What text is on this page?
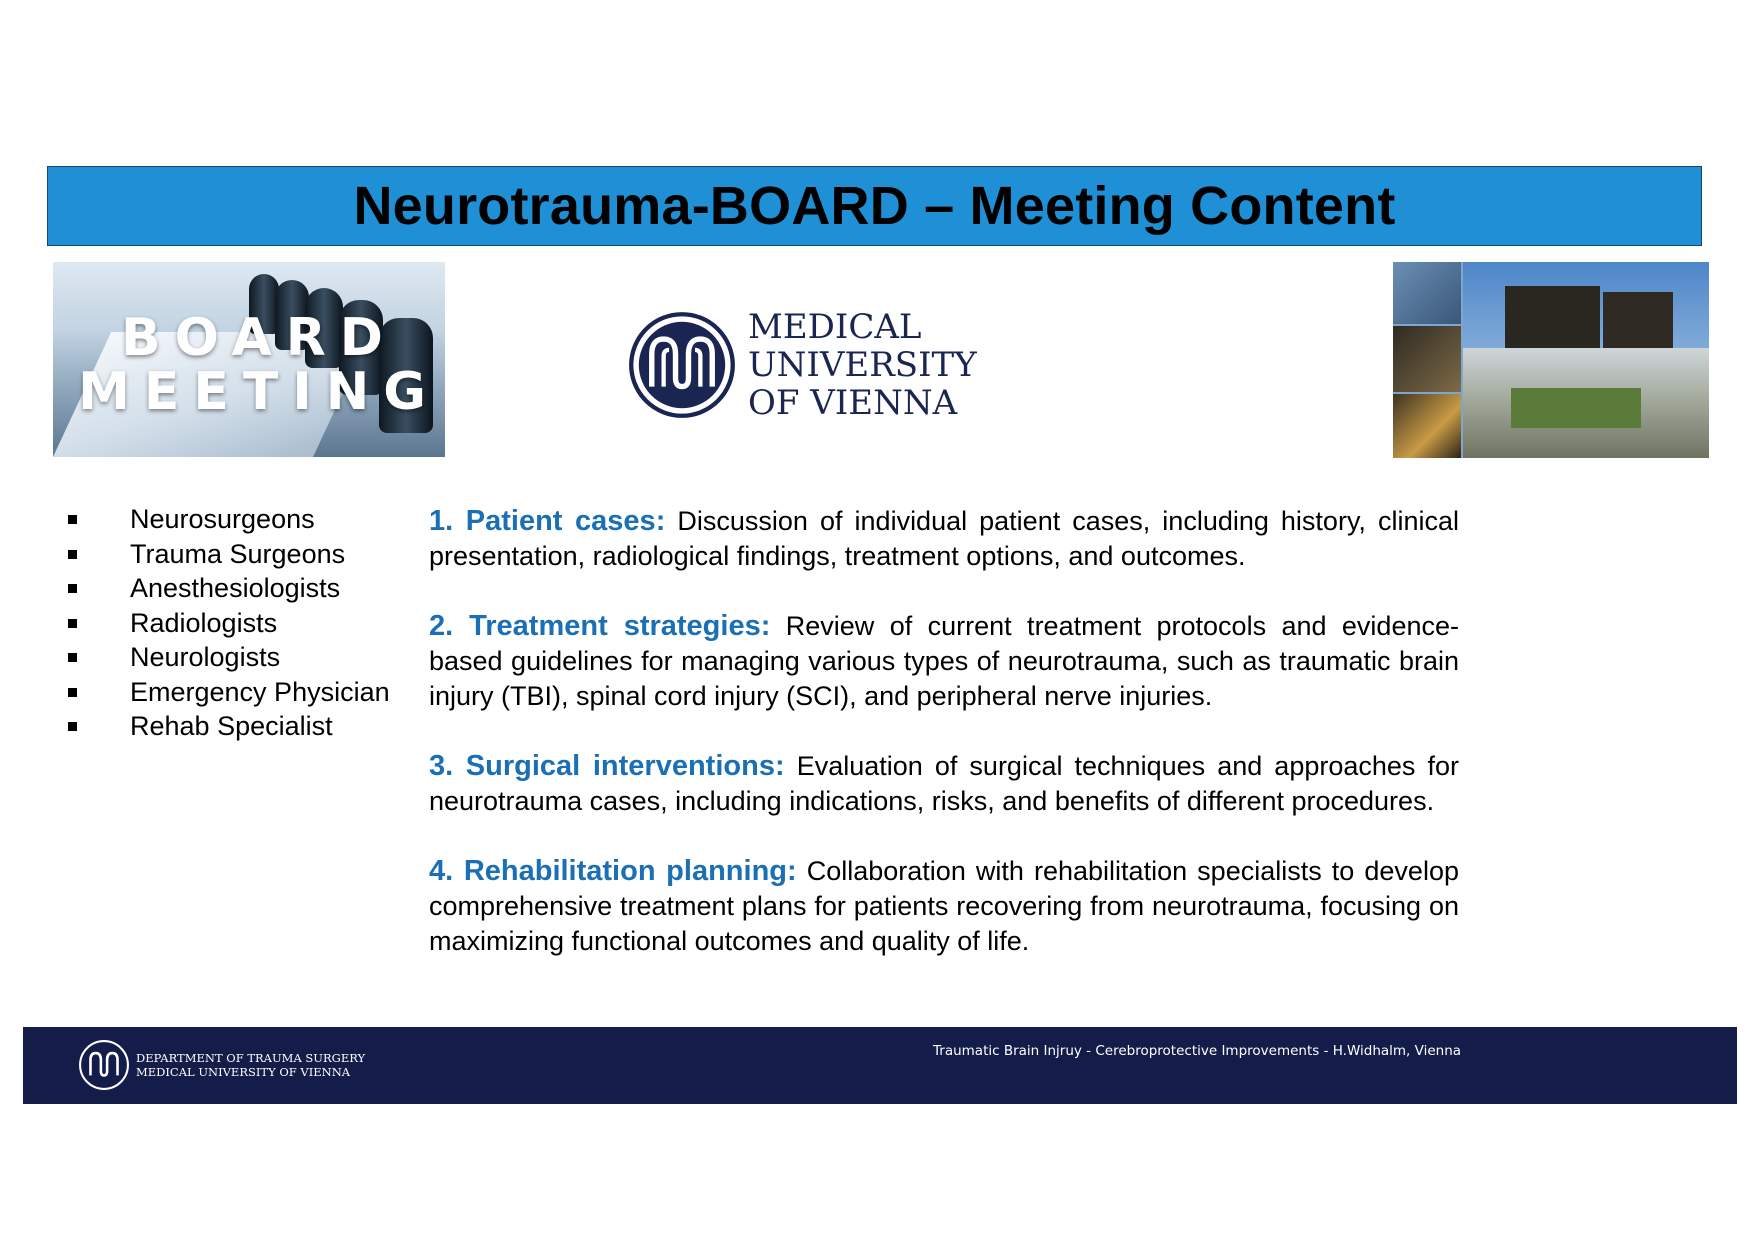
Neurotrauma-BOARD – Meeting Content
BOARD
MEETING
MEDICAL UNIVERSITY
OF VIENNA
Neurosurgeons
Trauma Surgeons
Anesthesiologists
Radiologists
Neurologists
Emergency Physician
Rehab Specialist

1. Patient cases: Discussion of individual patient cases, including history, clinical presentation, radiological findings, treatment options, and outcomes.

2. Treatment strategies: Review of current treatment protocols and evidence-based guidelines for managing various types of neurotrauma, such as traumatic brain injury (TBI), spinal cord injury (SCI), and peripheral nerve injuries.

3. Surgical interventions: Evaluation of surgical techniques and approaches for neurotrauma cases, including indications, risks, and benefits of different procedures.

4. Rehabilitation planning: Collaboration with rehabilitation specialists to develop comprehensive treatment plans for patients recovering from neurotrauma, focusing on maximizing functional outcomes and quality of life.

DEPARTMENT OF TRAUMA SURGERY
MEDICAL UNIVERSITY OF VIENNA
Traumatic Brain Injruy - Cerebroprotective Improvements - H.Widhalm, Vienna
